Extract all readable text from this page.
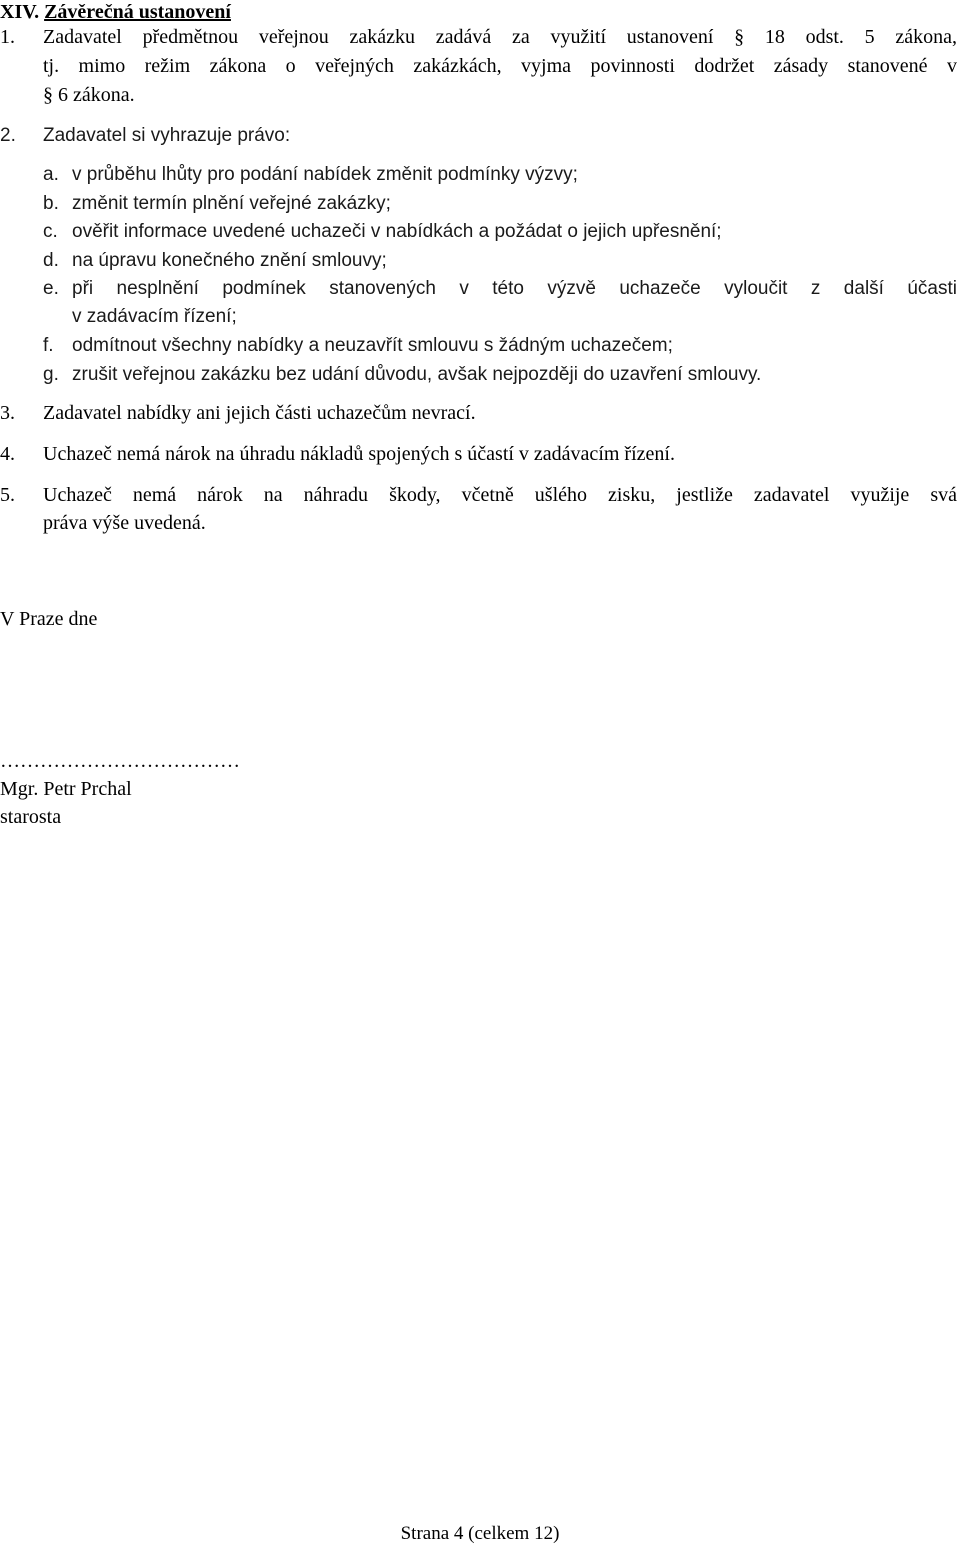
XIV. Závěrečná ustanovení
1. Zadavatel předmětnou veřejnou zakázku zadává za využití ustanovení § 18 odst. 5 zákona,
tj. mimo režim zákona o veřejných zakázkách, vyjma povinnosti dodržet zásady stanovené v
§ 6 zákona.
2. Zadavatel si vyhrazuje právo:
a. v průběhu lhůty pro podání nabídek změnit podmínky výzvy;
b. změnit termín plnění veřejné zakázky;
c. ověřit informace uvedené uchazeči v nabídkách a požádat o jejich upřesnění;
d. na úpravu konečného znění smlouvy;
e. při nesplnění podmínek stanovených v této výzvě uchazeče vyloučit z další účasti
v zadávacím řízení;
f. odmítnout všechny nabídky a neuzavřít smlouvu s žádným uchazečem;
g. zrušit veřejnou zakázku bez udání důvodu, avšak nejpozději do uzavření smlouvy.
3. Zadavatel nabídky ani jejich části uchazečům nevrací.
4. Uchazeč nemá nárok na úhradu nákladů spojených s účastí v zadávacím řízení.
5. Uchazeč nemá nárok na náhradu škody, včetně ušlého zisku, jestliže zadavatel využije svá
práva výše uvedená.
V Praze dne
………………………………
Mgr. Petr Prchal
starosta
Strana 4 (celkem 12)
